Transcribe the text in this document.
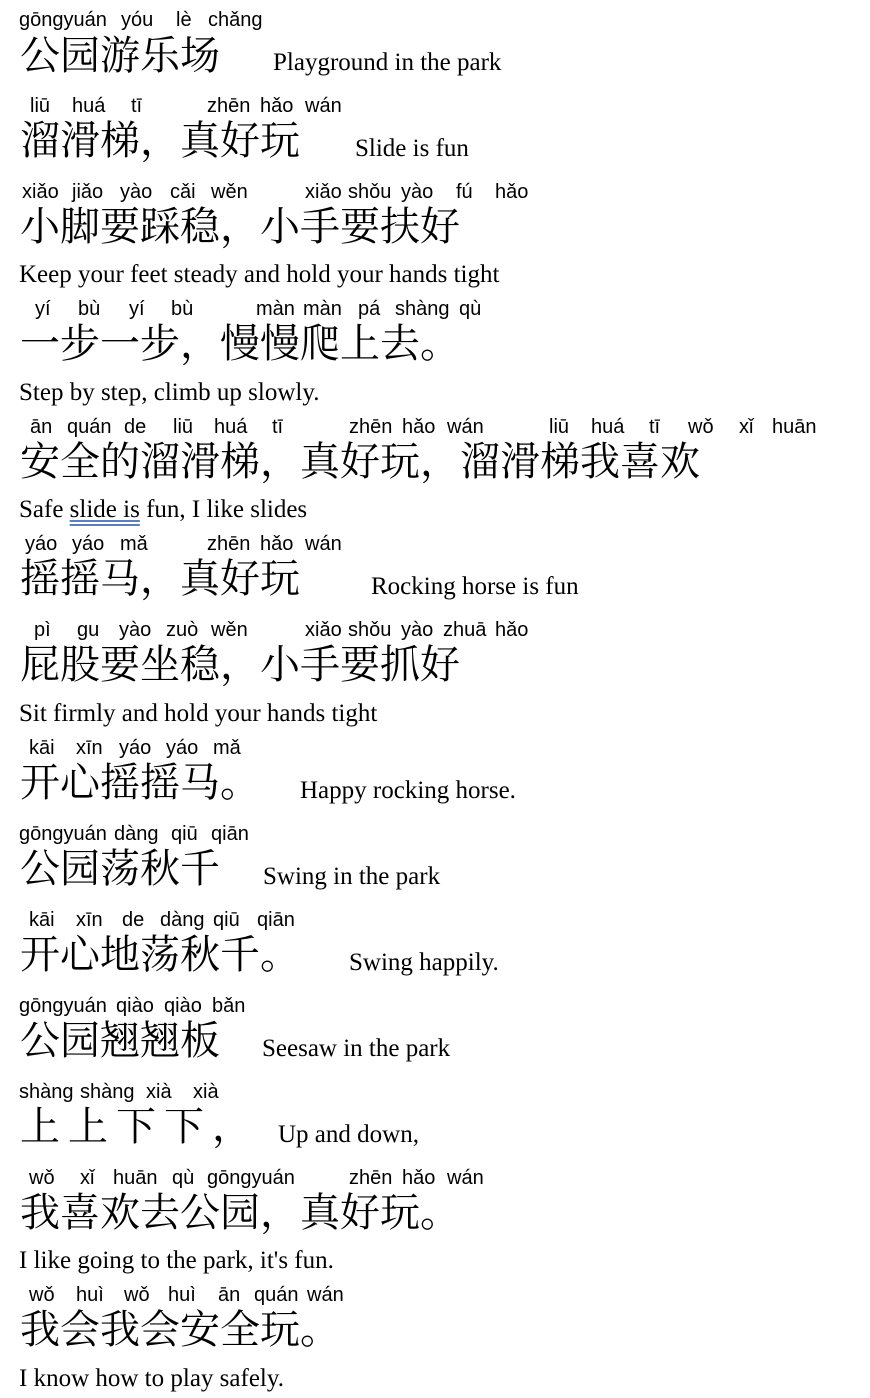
gōngyuán yóu lè chǎng
公园游乐场 Playground in the park
liū huá tī	zhēn hǎo wán
溜滑梯，真好玩 Slide is fun
xiǎo jiǎo yào cǎi wěn	xiǎo shǒu yào fú hǎo
小脚要踩稳，小手要扶好
Keep your feet steady and hold your hands tight
yí bù yí bù	màn màn pá shàng qù
一步一步，慢慢爬上去。
Step by step, climb up slowly.
ān quán de liū huá tī	zhēn hǎo wán	liū huá tī wǒ xǐ huān
安全的溜滑梯，真好玩，溜滑梯我喜欢
Safe slide is fun, I like slides
yáo yáo mǎ	zhēn hǎo wán
摇摇马，真好玩	Rocking horse is fun
pì gu yào zuò wěn	xiǎo shǒu yào zhuā hǎo
屁股要坐稳，小手要抓好
Sit firmly and hold your hands tight
kāi xīn yáo yáo mǎ
开心摇摇马。 Happy rocking horse.
gōngyuán dàng qiū qiān
公园荡秋千 Swing in the park
kāi xīn de dàng qiū qiān
开心地荡秋千。 Swing happily.
gōngyuán qiào qiào bǎn
公园翘翘板 Seesaw in the park
shàng shàng xià xià
上上下下， Up and down,
wǒ xǐ huān qù gōngyuán	zhēn hǎo wán
我喜欢去公园，真好玩。
I like going to the park, it's fun.
wǒ huì wǒ huì ān quán wán
我会我会安全玩。
I know how to play safely.
